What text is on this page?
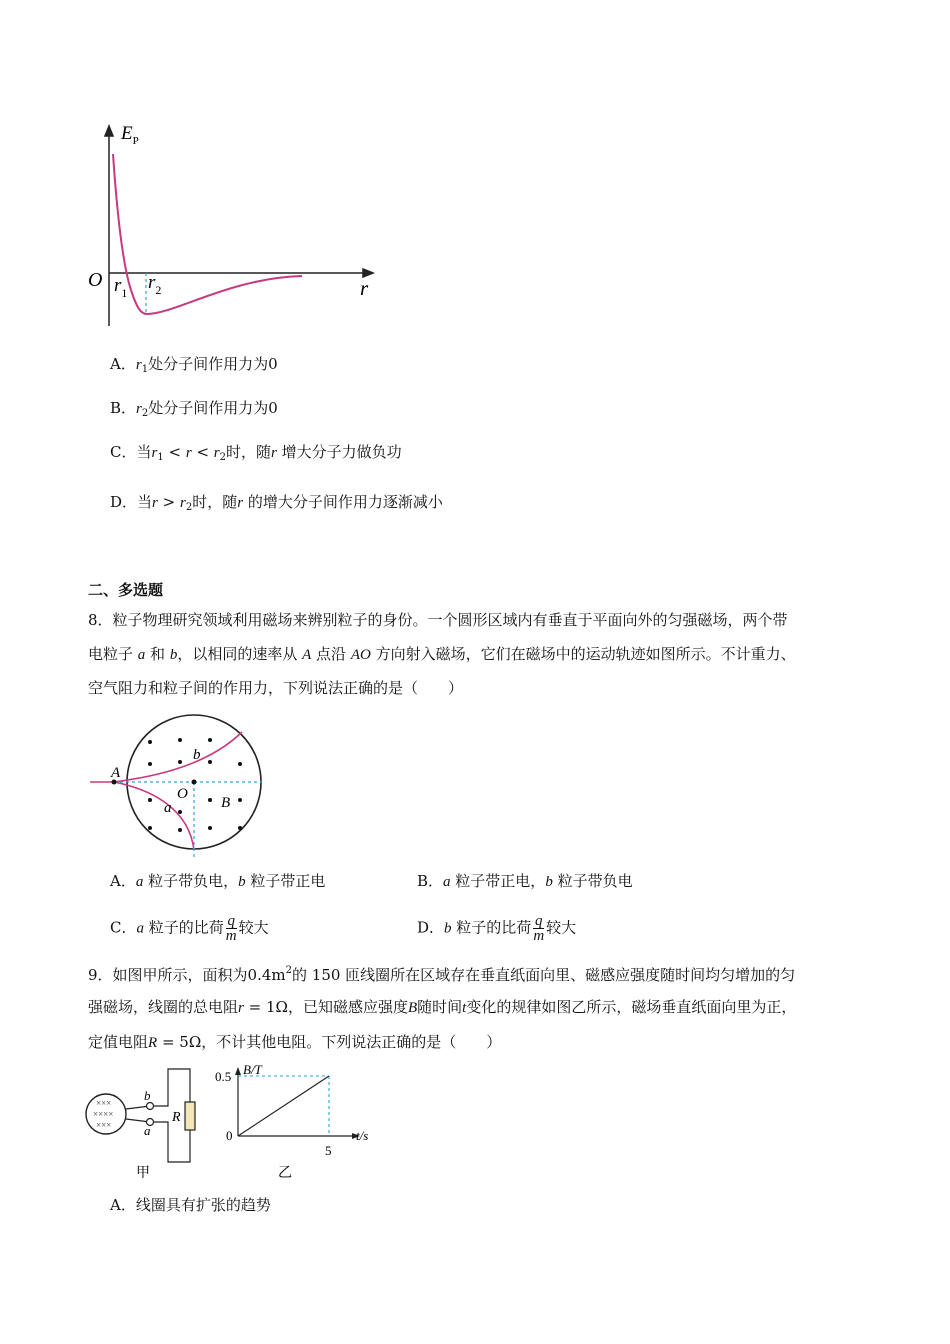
$E_P$
O $r_1$ $r_2$	r
A．$r_1$处分子间作用力为0
B．$r_2$处分子间作用力为0
C．当$r_1 < r < r_2$时，随r 增大分子力做负功
D．当$r > r_2$时，随r 的增大分子间作用力逐渐减小
二、多选题
8．粒子物理研究领域利用磁场来辨别粒子的身份。一个圆形区域内有垂直于平面向外的匀强磁场，两个带
电粒子 a 和 b，以相同的速率从 A 点沿 AO 方向射入磁场，它们在磁场中的运动轨迹如图所示。不计重力、
空气阻力和粒子间的作用力，下列说法正确的是（　　）
A
O
B
a
b
A．a 粒子带负电，b 粒子带正电	B．a 粒子带正电，b 粒子带负电
C．a 粒子的比荷 $\frac{q}{m}$ 较大	D．b 粒子的比荷 $\frac{q}{m}$ 较大
9．如图甲所示，面积为$0.4m^2$的 150 匝线圈所在区域存在垂直纸面向里、磁感应强度随时间均匀增加的匀
强磁场，线圈的总电阻r = 1Ω，已知磁感应强度B随时间t变化的规律如图乙所示，磁场垂直纸面向里为正，
定值电阻R = 5Ω，不计其他电阻。下列说法正确的是（　　）
×××
××××
×××
b
a
R
甲
B/T
0.5
0
5
t/s
乙
A．线圈具有扩张的趋势
